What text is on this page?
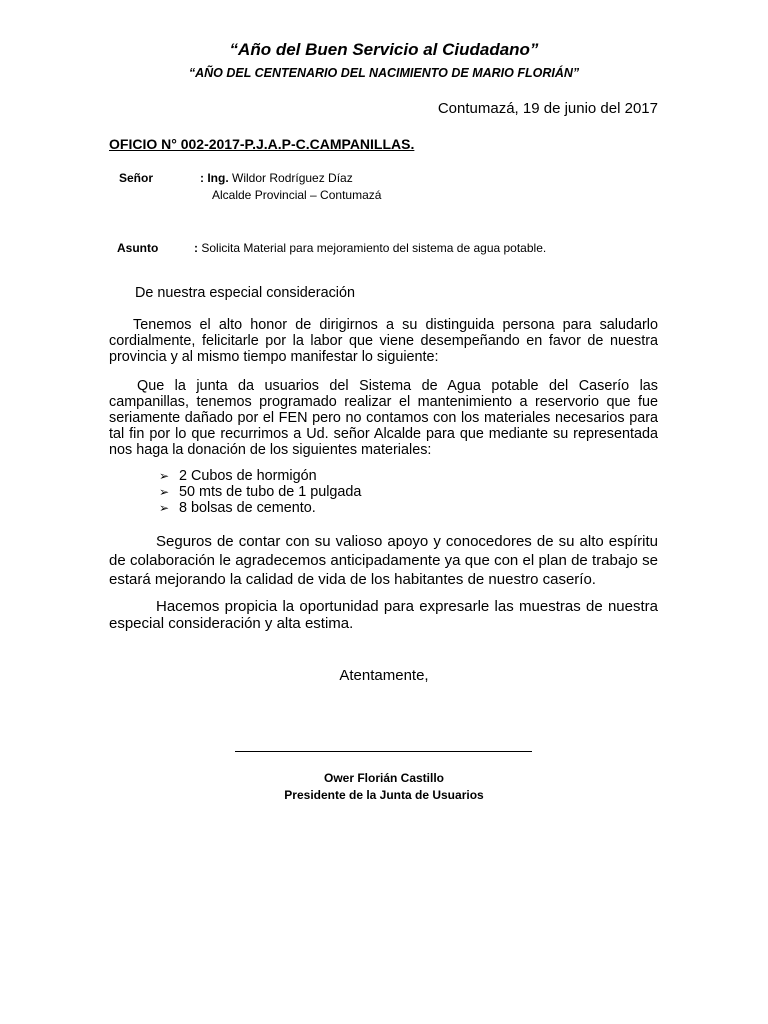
“Año del Buen Servicio al Ciudadano”
“AÑO DEL CENTENARIO DEL NACIMIENTO DE MARIO FLORIÁN”
Contumazá, 19 de junio del 2017
OFICIO N° 002-2017-P.J.A.P-C.CAMPANILLAS.
Señor	: Ing. Wildor Rodríguez Díaz
Alcalde Provincial – Contumazá
Asunto	: Solicita Material para mejoramiento del sistema de agua potable.
De nuestra especial consideración
Tenemos el alto honor de dirigirnos a su distinguida persona para saludarlo cordialmente, felicitarle por la labor que viene desempeñando en favor de nuestra provincia y al mismo tiempo manifestar lo siguiente:
Que la junta da usuarios del Sistema de Agua potable del Caserío las campanillas, tenemos programado realizar el mantenimiento a reservorio que fue seriamente dañado por el FEN pero no contamos con los materiales necesarios para tal fin por lo que recurrimos a Ud. señor Alcalde para que mediante su representada nos haga la donación de los siguientes materiales:
➢ 2 Cubos de hormigón
➢ 50 mts de tubo de 1 pulgada
➢ 8 bolsas de cemento.
Seguros de contar con su valioso apoyo y conocedores de su alto espíritu de colaboración le agradecemos anticipadamente ya que con el plan de trabajo se estará mejorando la calidad de vida de los habitantes de nuestro caserío.
Hacemos propicia la oportunidad para expresarle las muestras de nuestra especial consideración y alta estima.
Atentamente,
Ower Florián Castillo
Presidente de la Junta de Usuarios
